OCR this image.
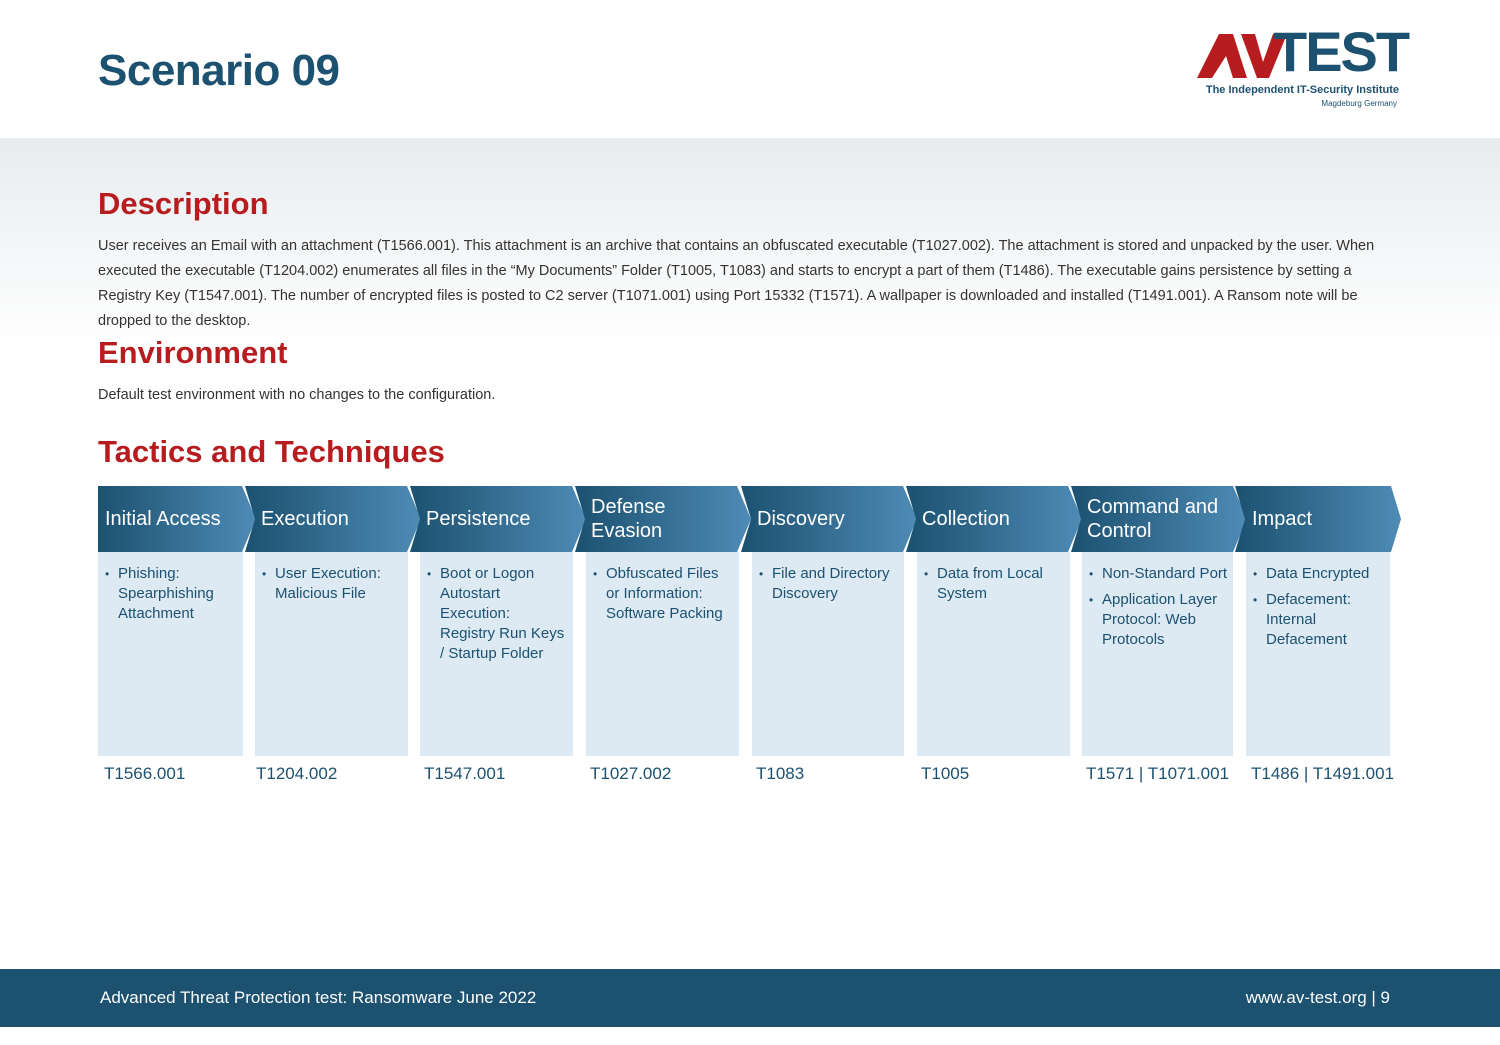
Scenario 09	TEST
The Independent IT-Security Institute
Magdeburg Germany
Description

User receives an Email with an attachment (T1566.001). This attachment is an archive that contains an obfuscated executable (T1027.002). The attachment is stored and unpacked by the user. When executed the executable (T1204.002) enumerates all files in the “My Documents” Folder (T1005, T1083) and starts to encrypt a part of them (T1486). The executable gains persistence by setting a Registry Key (T1547.001). The number of encrypted files is posted to C2 server (T1071.001) using Port 15332 (T1571). A wallpaper is downloaded and installed (T1491.001). A Ransom note will be dropped to the desktop.

Environment

Default test environment with no changes to the configuration.

Tactics and Techniques
Initial Access
• Phishing: Spearphishing Attachment
T1566.001
Execution
• User Execution: Malicious File
T1204.002
Persistence
• Boot or Logon Autostart Execution: Registry Run Keys / Startup Folder
T1547.001
Defense Evasion
• Obfuscated Files or Information: Software Packing
T1027.002
Discovery
• File and Directory Discovery
T1083
Collection
• Data from Local System
T1005
Command and Control
• Non-Standard Port
• Application Layer Protocol: Web Protocols
T1571 | T1071.001
Impact
• Data Encrypted
• Defacement: Internal Defacement
T1486 | T1491.001
Advanced Threat Protection test: Ransomware June 2022	www.av-test.org | 9
